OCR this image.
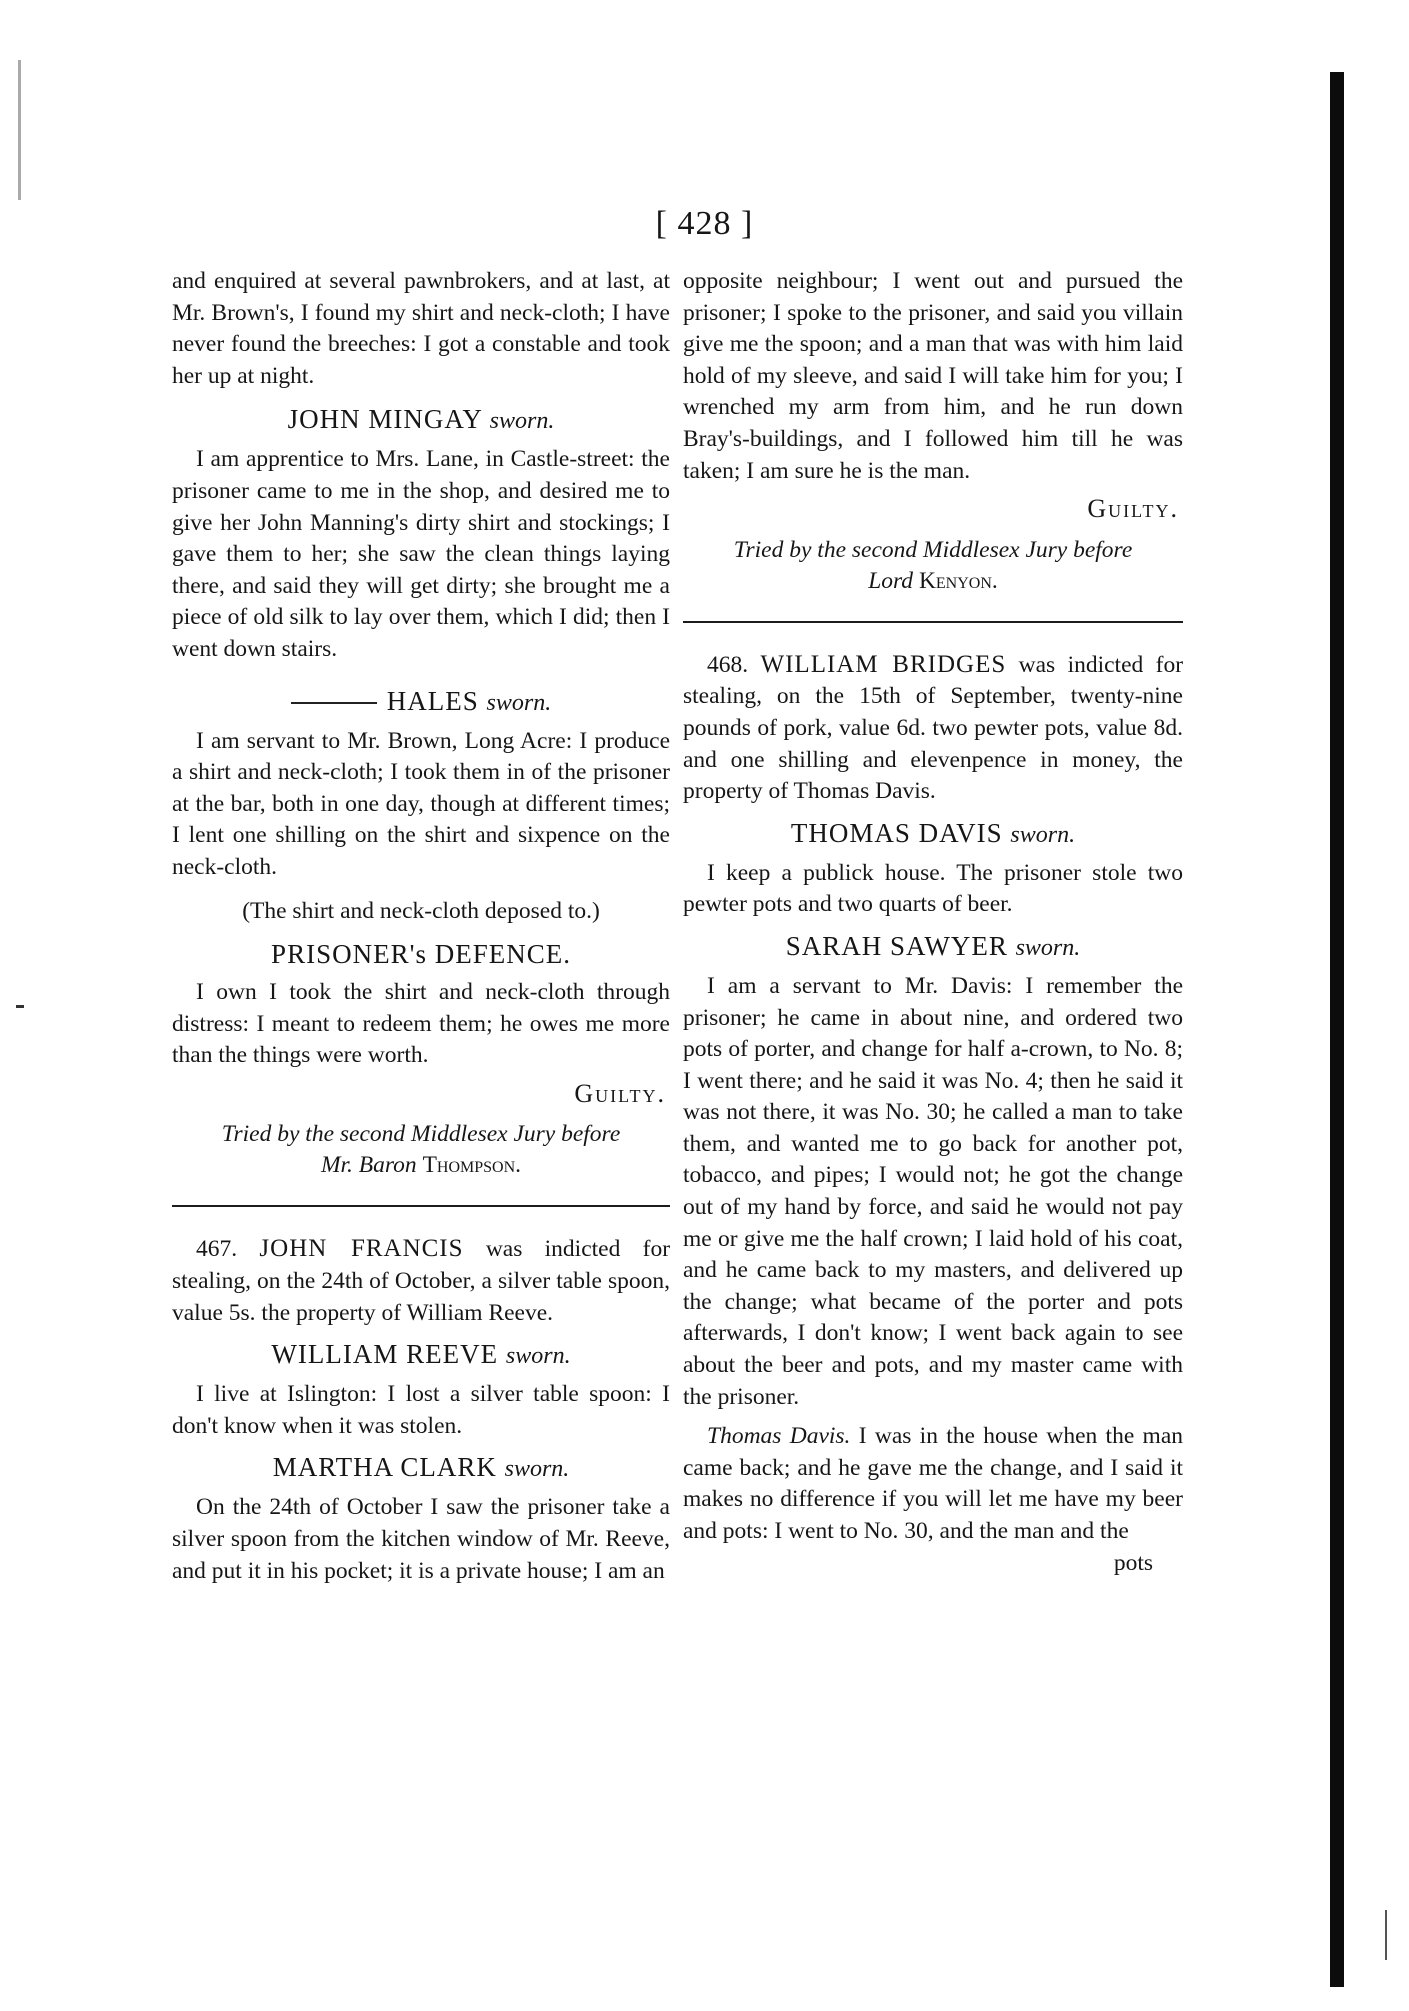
[ 428 ]

and enquired at several pawnbrokers, and at last, at Mr. Brown's, I found my shirt and neck-cloth; I have never found the breeches: I got a constable and took her up at night.

JOHN MINGAY sworn.

I am apprentice to Mrs. Lane, in Castle-street: the prisoner came to me in the shop, and desired me to give her John Manning's dirty shirt and stockings; I gave them to her; she saw the clean things laying there, and said they will get dirty; she brought me a piece of old silk to lay over them, which I did; then I went down stairs.

HALES sworn.

I am servant to Mr. Brown, Long Acre: I produce a shirt and neck-cloth; I took them in of the prisoner at the bar, both in one day, though at different times; I lent one shilling on the shirt and sixpence on the neck-cloth.

(The shirt and neck-cloth deposed to.)
PRISONER's DEFENCE.

I own I took the shirt and neck-cloth through distress: I meant to redeem them; he owes me more than the things were worth.

Guilty.
Tried by the second Middlesex Jury before
Mr. Baron Thompson.

467. JOHN FRANCIS was indicted for stealing, on the 24th of October, a silver table spoon, value 5s. the property of William Reeve.

WILLIAM REEVE sworn.

I live at Islington: I lost a silver table spoon: I don't know when it was stolen.

MARTHA CLARK sworn.

On the 24th of October I saw the prisoner take a silver spoon from the kitchen window of Mr. Reeve, and put it in his pocket; it is a private house; I am an

opposite neighbour; I went out and pursued the prisoner; I spoke to the prisoner, and said you villain give me the spoon; and a man that was with him laid hold of my sleeve, and said I will take him for you; I wrenched my arm from him, and he run down Bray's-buildings, and I followed him till he was taken; I am sure he is the man.

Guilty.
Tried by the second Middlesex Jury before
Lord Kenyon.

468. WILLIAM BRIDGES was indicted for stealing, on the 15th of September, twenty-nine pounds of pork, value 6d. two pewter pots, value 8d. and one shilling and elevenpence in money, the property of Thomas Davis.

THOMAS DAVIS sworn.

I keep a publick house. The prisoner stole two pewter pots and two quarts of beer.

SARAH SAWYER sworn.

I am a servant to Mr. Davis: I remember the prisoner; he came in about nine, and ordered two pots of porter, and change for half a-crown, to No. 8; I went there; and he said it was No. 4; then he said it was not there, it was No. 30; he called a man to take them, and wanted me to go back for another pot, tobacco, and pipes; I would not; he got the change out of my hand by force, and said he would not pay me or give me the half crown; I laid hold of his coat, and he came back to my masters, and delivered up the change; what became of the porter and pots afterwards, I don't know; I went back again to see about the beer and pots, and my master came with the prisoner.

Thomas Davis. I was in the house when the man came back; and he gave me the change, and I said it makes no difference if you will let me have my beer and pots: I went to No. 30, and the man and the

pots
